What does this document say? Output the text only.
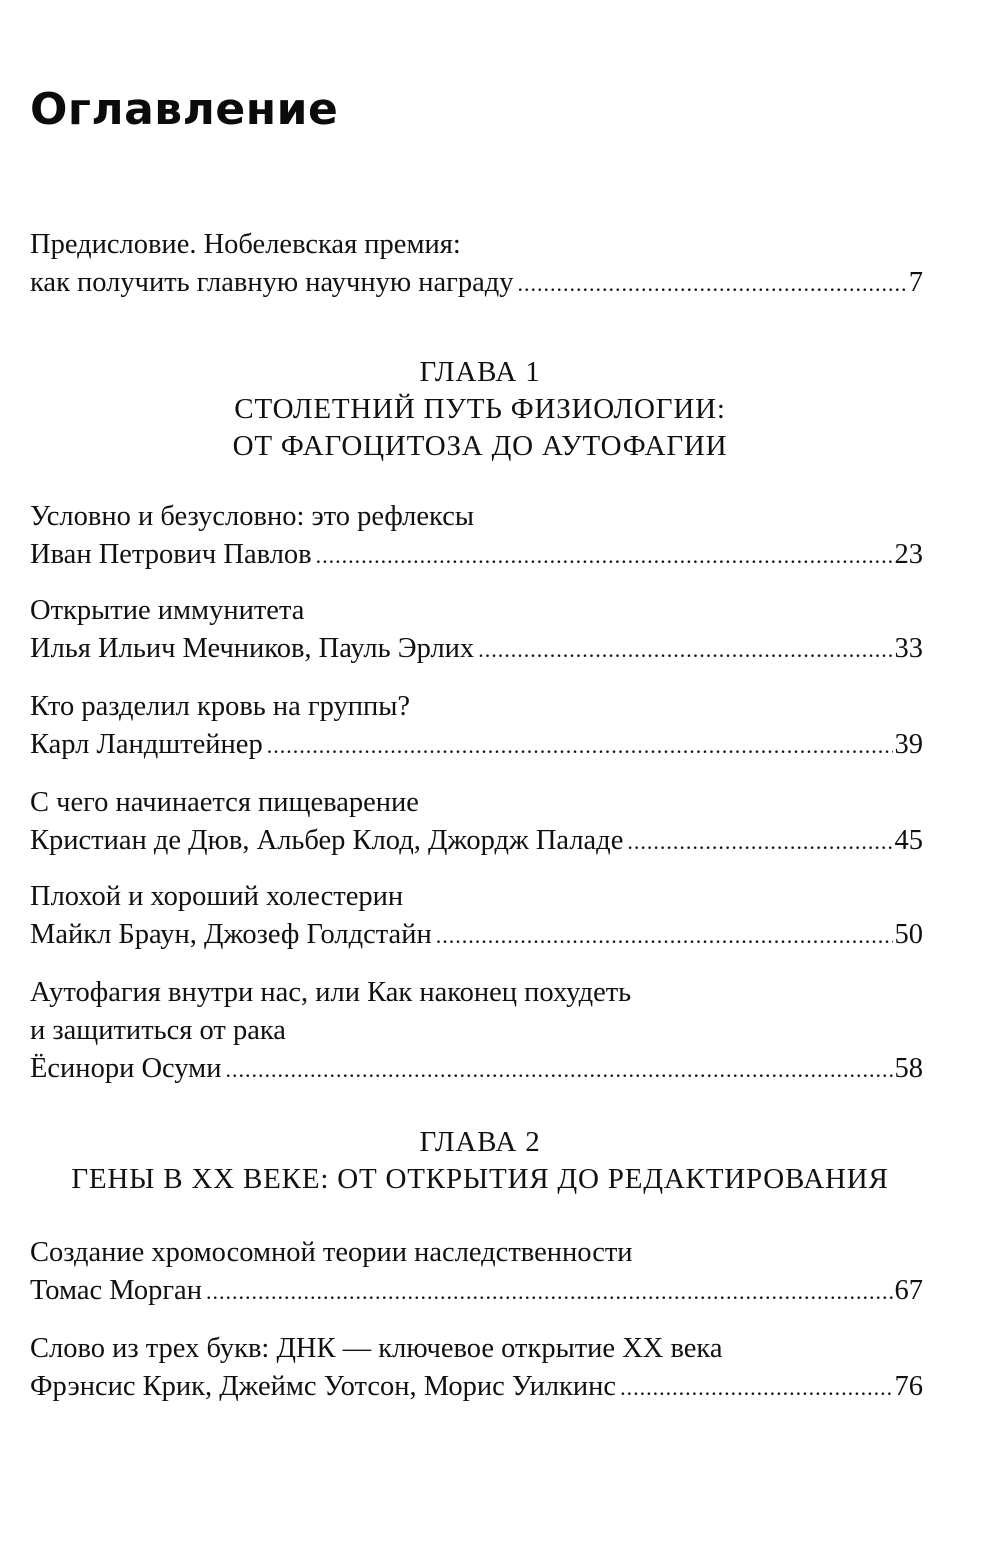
Оглавление
Предисловие. Нобелевская премия:
как получить главную научную награду .....	7
ГЛАВА 1
СТОЛЕТНИЙ ПУТЬ ФИЗИОЛОГИИ:
ОТ ФАГОЦИТОЗА ДО АУТОФАГИИ
Условно и безусловно: это рефлексы
Иван Петрович Павлов .....	23
Открытие иммунитета
Илья Ильич Мечников, Пауль Эрлих .....	33
Кто разделил кровь на группы?
Карл Ландштейнер .....	39
С чего начинается пищеварение
Кристиан де Дюв, Альбер Клод, Джордж Паладе .....	45
Плохой и хороший холестерин
Майкл Браун, Джозеф Голдстайн .....	50
Аутофагия внутри нас, или Как наконец похудеть
и защититься от рака
Ёсинори Осуми .....	58
ГЛАВА 2
ГЕНЫ В XX ВЕКЕ: ОТ ОТКРЫТИЯ ДО РЕДАКТИРОВАНИЯ
Создание хромосомной теории наследственности
Томас Морган .....	67
Слово из трех букв: ДНК — ключевое открытие XX века
Фрэнсис Крик, Джеймс Уотсон, Морис Уилкинс .....	76
